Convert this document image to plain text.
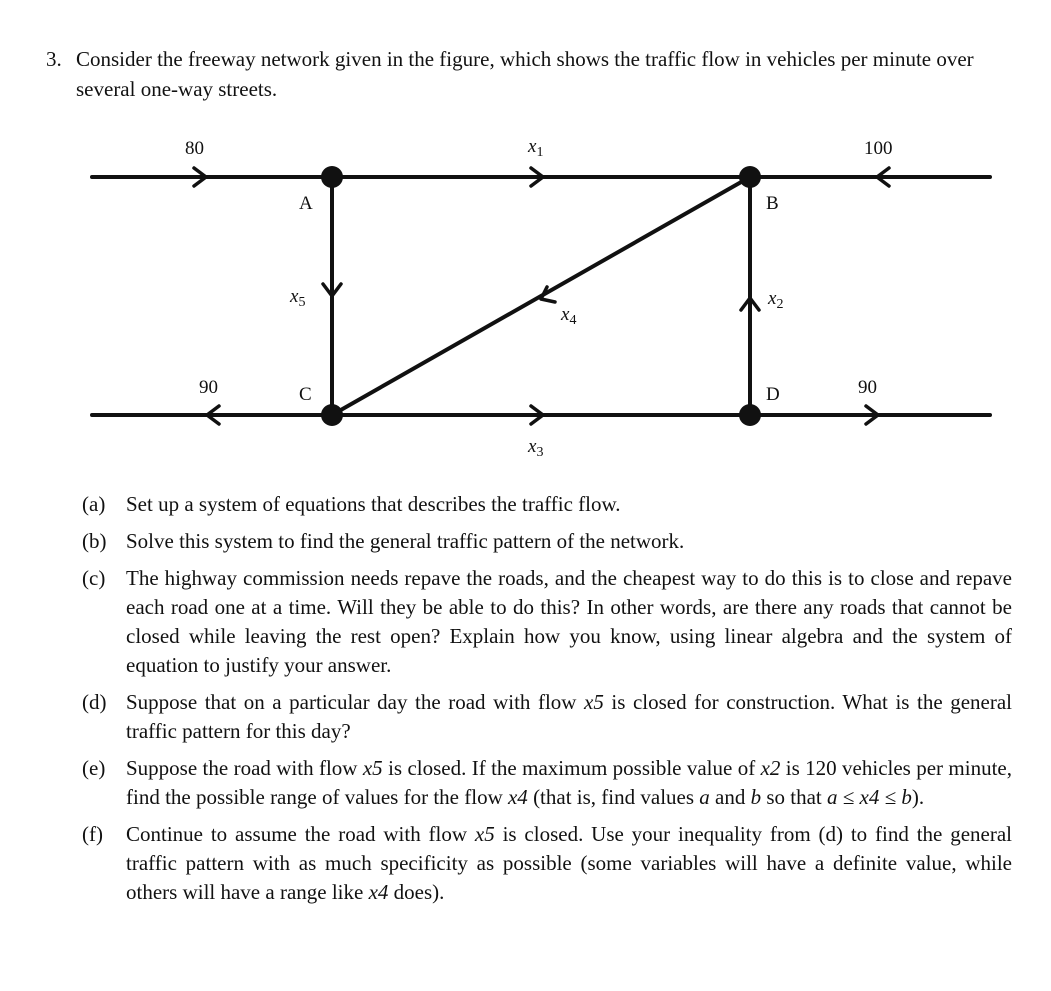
3. Consider the freeway network given in the figure, which shows the traffic flow in vehicles per minute over several one-way streets.
A	B
C	D
80	100
90	90
$x_1$
$x_2$
$x_3$
$x_4$
$x_5$
(a) Set up a system of equations that describes the traffic flow.
(b) Solve this system to find the general traffic pattern of the network.
(c) The highway commission needs repave the roads, and the cheapest way to do this is to close and repave each road one at a time. Will they be able to do this? In other words, are there any roads that cannot be closed while leaving the rest open? Explain how you know, using linear algebra and the system of equation to justify your answer.
(d) Suppose that on a particular day the road with flow x5 is closed for construction. What is the general traffic pattern for this day?
(e) Suppose the road with flow x5 is closed. If the maximum possible value of x2 is 120 vehicles per minute, find the possible range of values for the flow x4 (that is, find values a and b so that a ≤ x4 ≤ b).
(f) Continue to assume the road with flow x5 is closed. Use your inequality from (d) to find the general traffic pattern with as much specificity as possible (some variables will have a definite value, while others will have a range like x4 does).
